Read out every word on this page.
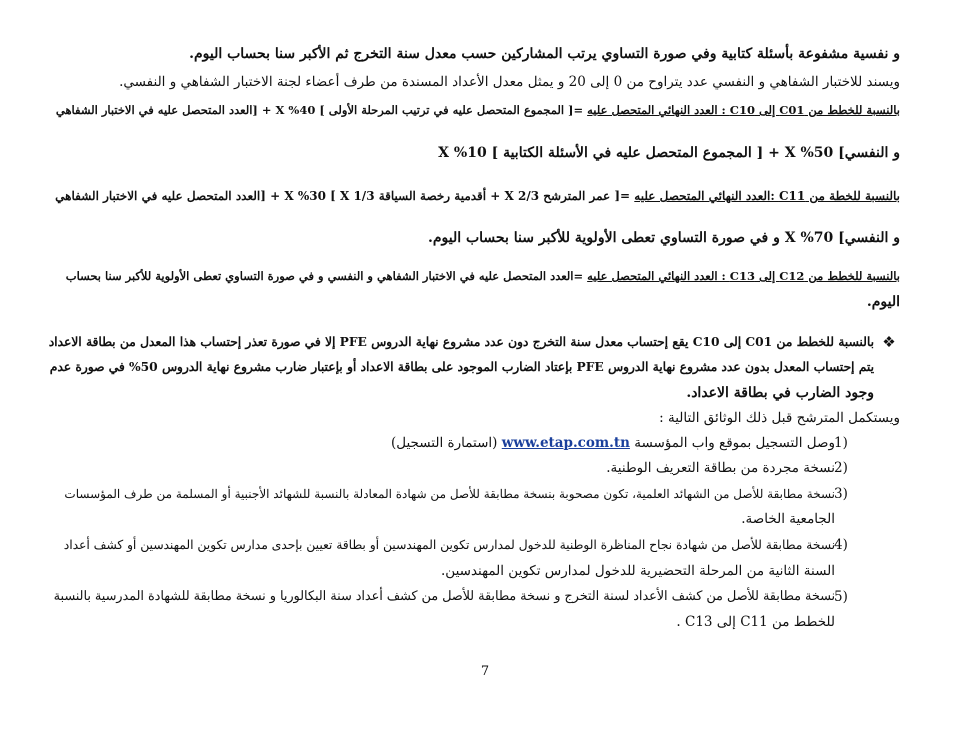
و نفسية مشفوعة بأسئلة كتابية وفي صورة التساوي يرتب المشاركين حسب معدل سنة التخرج ثم الأكبر سنا بحساب اليوم.
ويسند للاختبار الشفاهي و النفسي عدد يتراوح من 0 إلى 20 و يمثل معدل الأعداد المسندة من طرف أعضاء لجنة الاختبار الشفاهي و النفسي.
بالنسبة للخطط من C01 إلى C10 : العدد النهائي المتحصل عليه =[ المجموع المتحصل عليه في ترتيب المرحلة الأولى ] X %40 + [العدد المتحصل عليه في الاختبار الشفاهي
و النفسي] X %50 + [ المجموع المتحصل عليه في الأسئلة الكتابية ] X %10
بالنسبة للخطة من C11 :العدد النهائي المتحصل عليه =[ عمر المترشح X 2/3 + أقدمية رخصة السياقة X 1/3 ] X %30 + [العدد المتحصل عليه في الاختبار الشفاهي
و النفسي] X %70 و في صورة التساوي تعطى الأولوية للأكبر سنا بحساب اليوم.
بالنسبة للخطط من C12 إلى C13 : العدد النهائي المتحصل عليه =العدد المتحصل عليه في الاختبار الشفاهي و النفسي و في صورة التساوي تعطى الأولوية للأكبر سنا بحساب
اليوم.
❖
بالنسبة للخطط من C01 إلى C10 يقع إحتساب معدل سنة التخرج دون عدد مشروع نهاية الدروس PFE إلا في صورة تعذر إحتساب هذا المعدل من بطاقة الاعداد
يتم إحتساب المعدل بدون عدد مشروع نهاية الدروس PFE بإعتاد الضارب الموجود على بطاقة الاعداد أو بإعتبار ضارب مشروع نهاية الدروس 50% في صورة عدم
وجود الضارب في بطاقة الاعداد.
ويستكمل المترشح قبل ذلك الوثائق التالية :
1)
وصل التسجيل بموقع واب المؤسسة www.etap.com.tn (استمارة التسجيل)
2)
نسخة مجردة من بطاقة التعريف الوطنية.
3)
نسخة مطابقة للأصل من الشهائد العلمية، تكون مصحوبة بنسخة مطابقة للأصل من شهادة المعادلة بالنسبة للشهائد الأجنبية أو المسلمة من طرف المؤسسات
الجامعية الخاصة.
4)
نسخة مطابقة للأصل من شهادة نجاح المناظرة الوطنية للدخول لمدارس تكوين المهندسين أو بطاقة تعيين بإحدى مدارس تكوين المهندسين أو كشف أعداد
السنة الثانية من المرحلة التحضيرية للدخول لمدارس تكوين المهندسين.
5)
نسخة مطابقة للأصل من كشف الأعداد لسنة التخرج و نسخة مطابقة للأصل من كشف أعداد سنة البكالوريا و نسخة مطابقة للشهادة المدرسية بالنسبة
للخطط من C11 إلى C13 .
7
